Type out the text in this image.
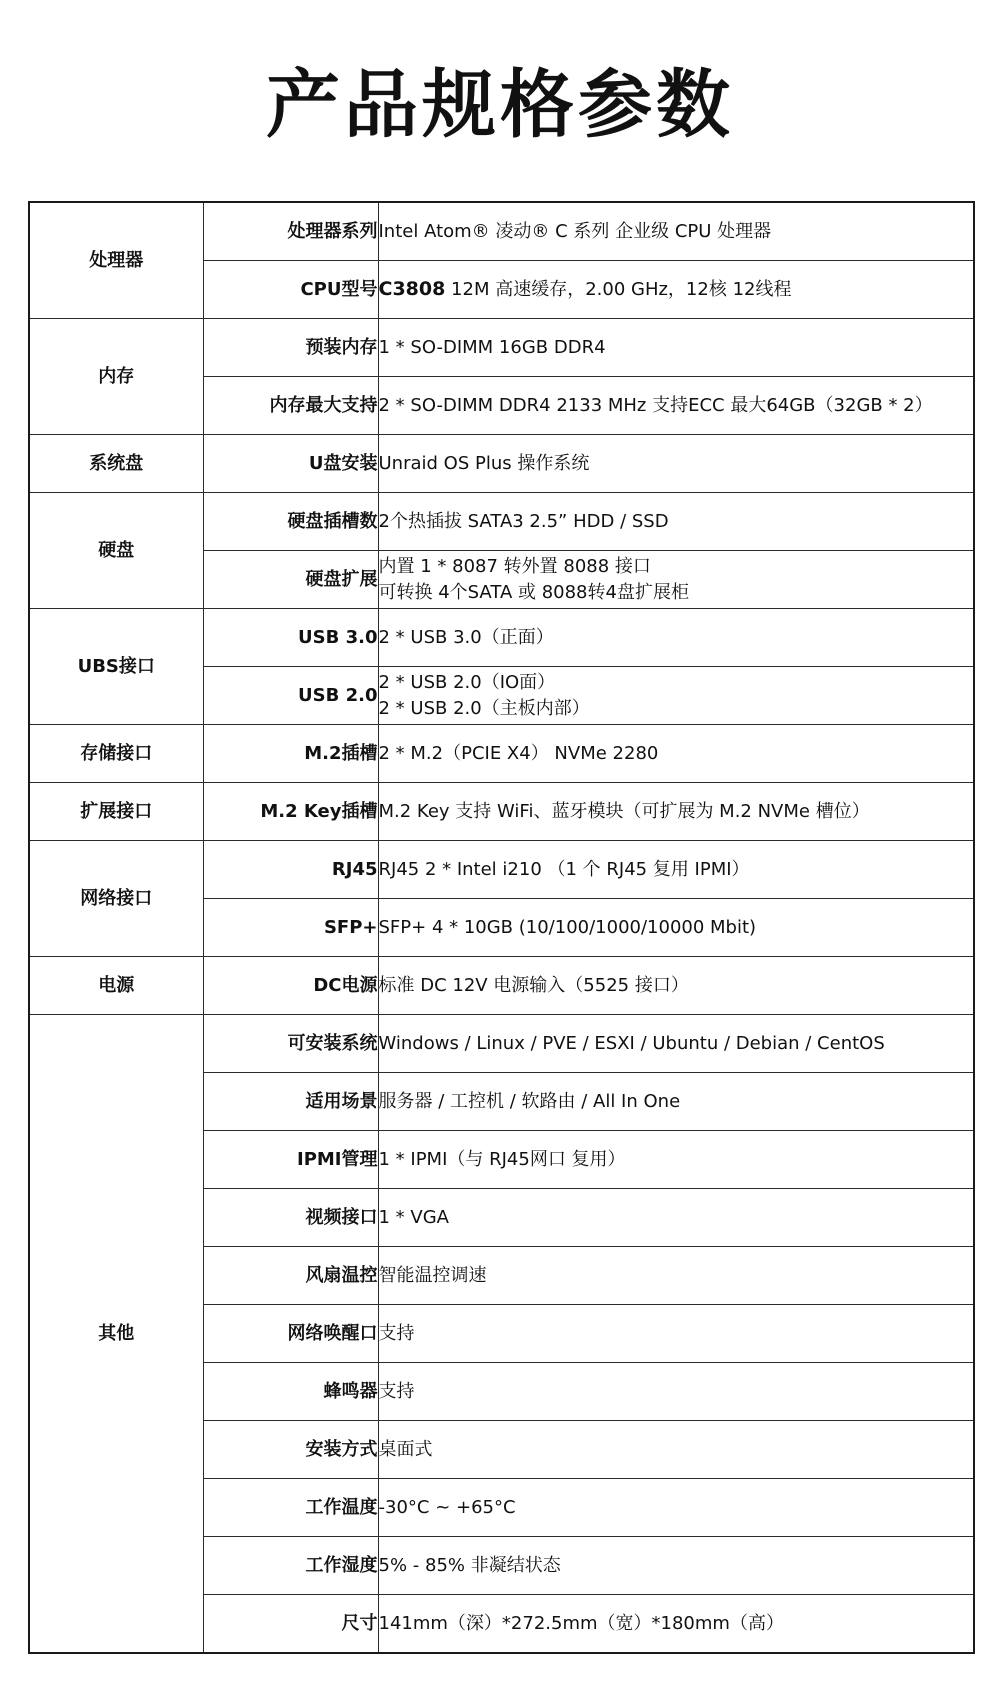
产品规格参数
处理器	处理器系列	Intel Atom® 凌动® C 系列 企业级 CPU 处理器
	CPU型号	C3808 12M 高速缓存，2.00 GHz，12核 12线程
内存	预装内存	1 * SO-DIMM 16GB DDR4
	内存最大支持	2 * SO-DIMM DDR4 2133 MHz 支持ECC 最大64GB（32GB * 2）
系统盘	U盘安装	Unraid OS Plus 操作系统
硬盘	硬盘插槽数	2个热插拔 SATA3 2.5” HDD / SSD
	硬盘扩展	内置 1 * 8087 转外置 8088 接口
可转换 4个SATA 或 8088转4盘扩展柜

UBS接口	USB 3.0	2 * USB 3.0（正面）
	USB 2.0	2 * USB 2.0（IO面）
2 * USB 2.0（主板内部）

存储接口	M.2插槽	2 * M.2（PCIE X4） NVMe 2280
扩展接口	M.2 Key插槽	M.2 Key 支持 WiFi、蓝牙模块（可扩展为 M.2 NVMe 槽位）
网络接口	RJ45	RJ45 2 * Intel i210 （1 个 RJ45 复用 IPMI）
	SFP+	SFP+ 4 * 10GB (10/100/1000/10000 Mbit)
电源	DC电源	标准 DC 12V 电源输入（5525 接口）
其他	可安装系统	Windows / Linux / PVE / ESXI / Ubuntu / Debian / CentOS
	适用场景	服务器 / 工控机 / 软路由 / All In One
	IPMI管理	1 * IPMI（与 RJ45网口 复用）
	视频接口	1 * VGA
	风扇温控	智能温控调速
	网络唤醒口	支持
	蜂鸣器	支持
	安装方式	桌面式
	工作温度	-30°C ~ +65°C
	工作湿度	5% - 85% 非凝结状态
	尺寸	141mm（深）*272.5mm（宽）*180mm（高）
